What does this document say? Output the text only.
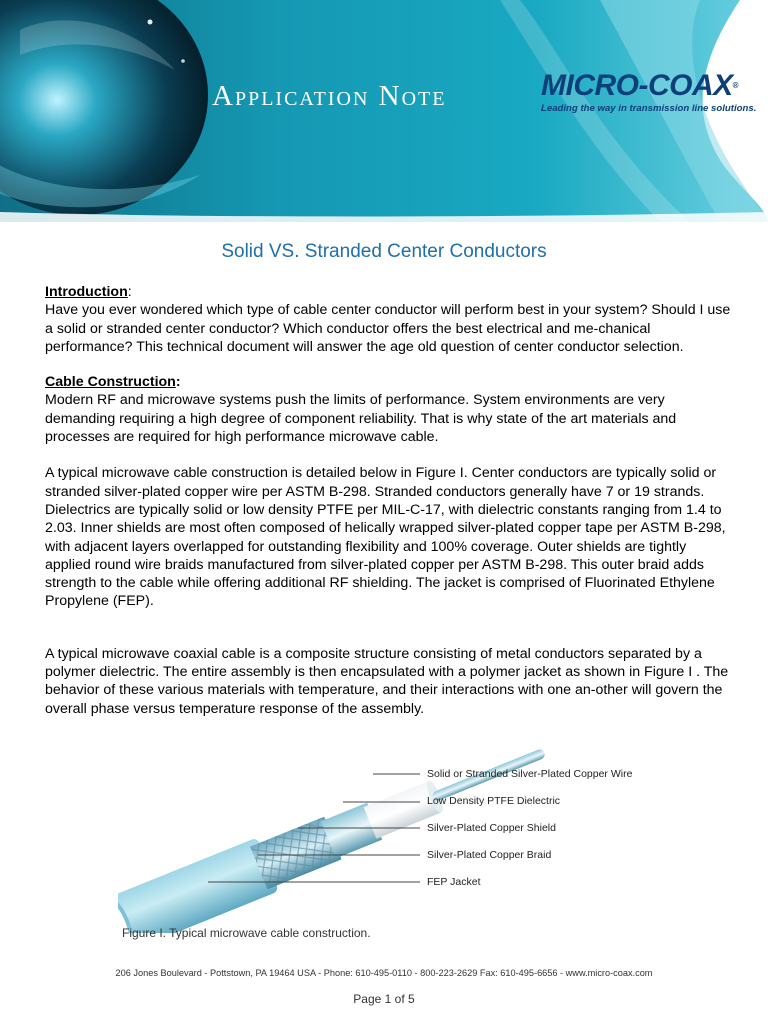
Application Note	MICRO-COAX®
Leading the way in transmission line solutions.
Solid VS. Stranded Center Conductors
Introduction:

Have you ever wondered which type of cable center conductor will perform best in your system? Should I use a solid or stranded center conductor? Which conductor offers the best electrical and me-chanical performance? This technical document will answer the age old question of center conductor selection.

Cable Construction:

Modern RF and microwave systems push the limits of performance. System environments are very demanding requiring a high degree of component reliability. That is why state of the art materials and processes are required for high performance microwave cable.

A typical microwave cable construction is detailed below in Figure I. Center conductors are typically solid or stranded silver-plated copper wire per ASTM B-298. Stranded conductors generally have 7 or 19 strands. Dielectrics are typically solid or low density PTFE per MIL-C-17, with dielectric constants ranging from 1.4 to 2.03. Inner shields are most often composed of helically wrapped silver-plated copper tape per ASTM B-298, with adjacent layers overlapped for outstanding flexibility and 100% coverage. Outer shields are tightly applied round wire braids manufactured from silver-plated copper per ASTM B-298. This outer braid adds strength to the cable while offering additional RF shielding. The jacket is comprised of Fluorinated Ethylene Propylene (FEP).

A typical microwave coaxial cable is a composite structure consisting of metal conductors separated by a polymer dielectric. The entire assembly is then encapsulated with a polymer jacket as shown in Figure I . The behavior of these various materials with temperature, and their interactions with one an-other will govern the overall phase versus temperature response of the assembly.

Solid or Stranded Silver-Plated Copper Wire
Low Density PTFE Dielectric
Silver-Plated Copper Shield
Silver-Plated Copper Braid
FEP Jacket
Figure I. Typical microwave cable construction.
206 Jones Boulevard - Pottstown, PA 19464 USA - Phone: 610-495-0110 - 800-223-2629 Fax: 610-495-6656 - www.micro-coax.com
Page 1 of 5
